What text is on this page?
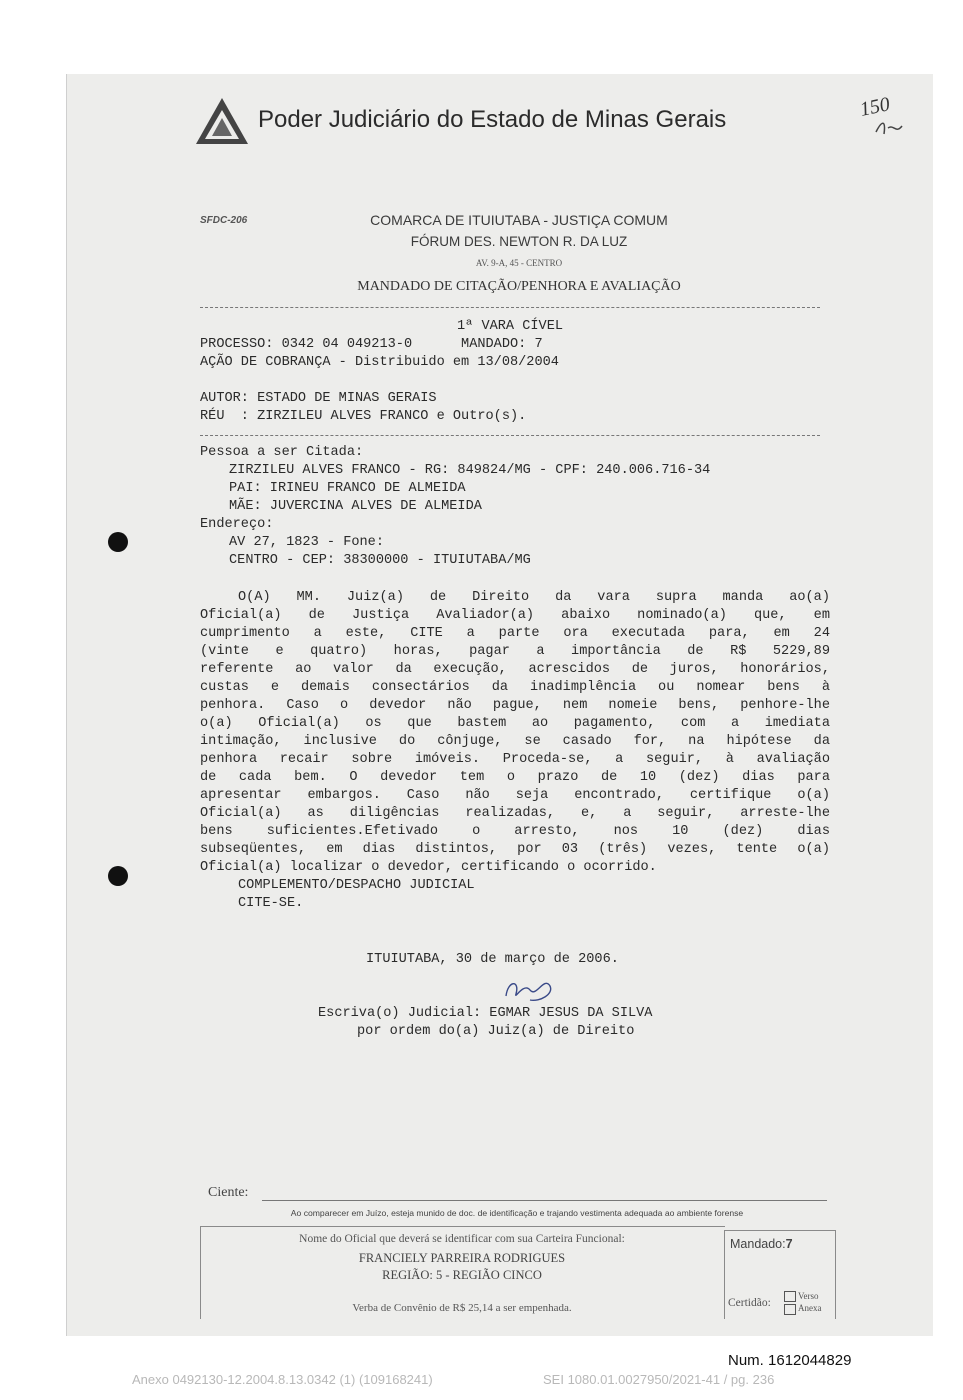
Poder Judiciário do Estado de Minas Gerais	150
SFDC-206	COMARCA DE ITUIUTABA - JUSTIÇA COMUM
FÓRUM DES. NEWTON R. DA LUZ
AV. 9-A, 45 - CENTRO
MANDADO DE CITAÇÃO/PENHORA E AVALIAÇÃO
1ª VARA CÍVEL
PROCESSO: 0342 04 049213-0      MANDADO: 7
AÇÃO DE COBRANÇA - Distribuido em 13/08/2004
AUTOR: ESTADO DE MINAS GERAIS
RÉU  : ZIRZILEU ALVES FRANCO e Outro(s).
Pessoa a ser Citada:
ZIRZILEU ALVES FRANCO - RG: 849824/MG - CPF: 240.006.716-34
PAI: IRINEU FRANCO DE ALMEIDA
MÃE: JUVERCINA ALVES DE ALMEIDA
Endereço:
AV 27, 1823 - Fone:
CENTRO - CEP: 38300000 - ITUIUTABA/MG
O(A) MM. Juiz(a) de Direito da vara supra manda ao(a)
Oficial(a) de Justiça Avaliador(a) abaixo nominado(a) que, em
cumprimento a este, CITE a parte ora executada para, em 24
(vinte e quatro) horas, pagar a importância de R$ 5229,89
referente ao valor da execução, acrescidos de juros, honorários,
custas e demais consectários da inadimplência ou nomear bens à
penhora. Caso o devedor não pague, nem nomeie bens, penhore-lhe
o(a) Oficial(a) os que bastem ao pagamento, com a imediata
intimação, inclusive do cônjuge, se casado for, na hipótese da
penhora recair sobre imóveis. Proceda-se, a seguir, à avaliação
de cada bem. O devedor tem o prazo de 10 (dez) dias para
apresentar embargos. Caso não seja encontrado, certifique o(a)
Oficial(a) as diligências realizadas, e, a seguir, arreste-lhe
bens suficientes.Efetivado o arresto, nos 10 (dez) dias
subseqüentes, em dias distintos, por 03 (três) vezes, tente o(a)
Oficial(a) localizar o devedor, certificando o ocorrido.
COMPLEMENTO/DESPACHO JUDICIAL
CITE-SE.
ITUIUTABA, 30 de março de 2006.
Escriva(o) Judicial: EGMAR JESUS DA SILVA
por ordem do(a) Juiz(a) de Direito
Ciente:
Ao comparecer em Juízo, esteja munido de doc. de identificação e trajando vestimenta adequada ao ambiente forense
Nome do Oficial que deverá se identificar com sua Carteira Funcional:
FRANCIELY PARREIRA RODRIGUES
REGIÃO: 5 - REGIÃO CINCO
Verba de Convênio de R$ 25,14 a ser empenhada.
Mandado:7
Certidão:
Verso
Anexa
Num. 1612044829
Anexo 0492130-12.2004.8.13.0342 (1) (109168241)	SEI 1080.01.0027950/2021-41 / pg. 236
